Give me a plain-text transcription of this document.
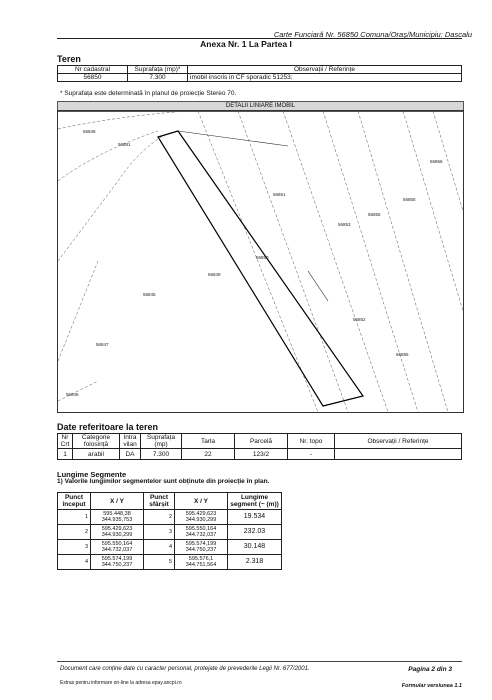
Carte Funciară Nr. 56850 Comuna/Oraș/Municipiu: Dascalu
Anexa Nr. 1 La Partea I
Teren
Nr cadastral	Suprafața (mp)*	Observații / Referințe
56850	7.300	imobil inscris in CF sporadic 51253;
* Suprafața este determinată în planul de proiecție Stereo 70.
DETALII LINIARE IMOBIL
56848
56881
56851
56850
56853
56856
56855
56852
56849
56845
56847
56846
56855
56855
Date referitoare la teren
Nr Crt	Categorie folosință	Intra vilan	Suprafața (mp)	Tarla	Parcelă	Nr. topo	Observații / Referințe
1	arabil	DA	7.300	22	123/2	-	
Lungime Segmente
1) Valorile lungimilor segmentelor sunt obținute din proiecție în plan.
Punct început	X / Y	Punct sfârșit	X / Y	Lungime segment (~ (m))
1	595.448,38
344.935,753	2	595.429,623
344.930,299	19.534
2	595.429,623
344.930,299	3	595.550,164
344.732,037	232.03
3	595.550,164
344.732,037	4	595.574,199
344.750,237	30.148
4	595.574,199
344.750,237	5	595.576,1
344.751,564	2.318
Document care conține date cu caracter personal, protejate de prevederile Legii Nr. 677/2001.	Pagina 2 din 3
Extras pentru informare on-line la adresa epay.ancpi.ro	Formular versiunea 1.1
